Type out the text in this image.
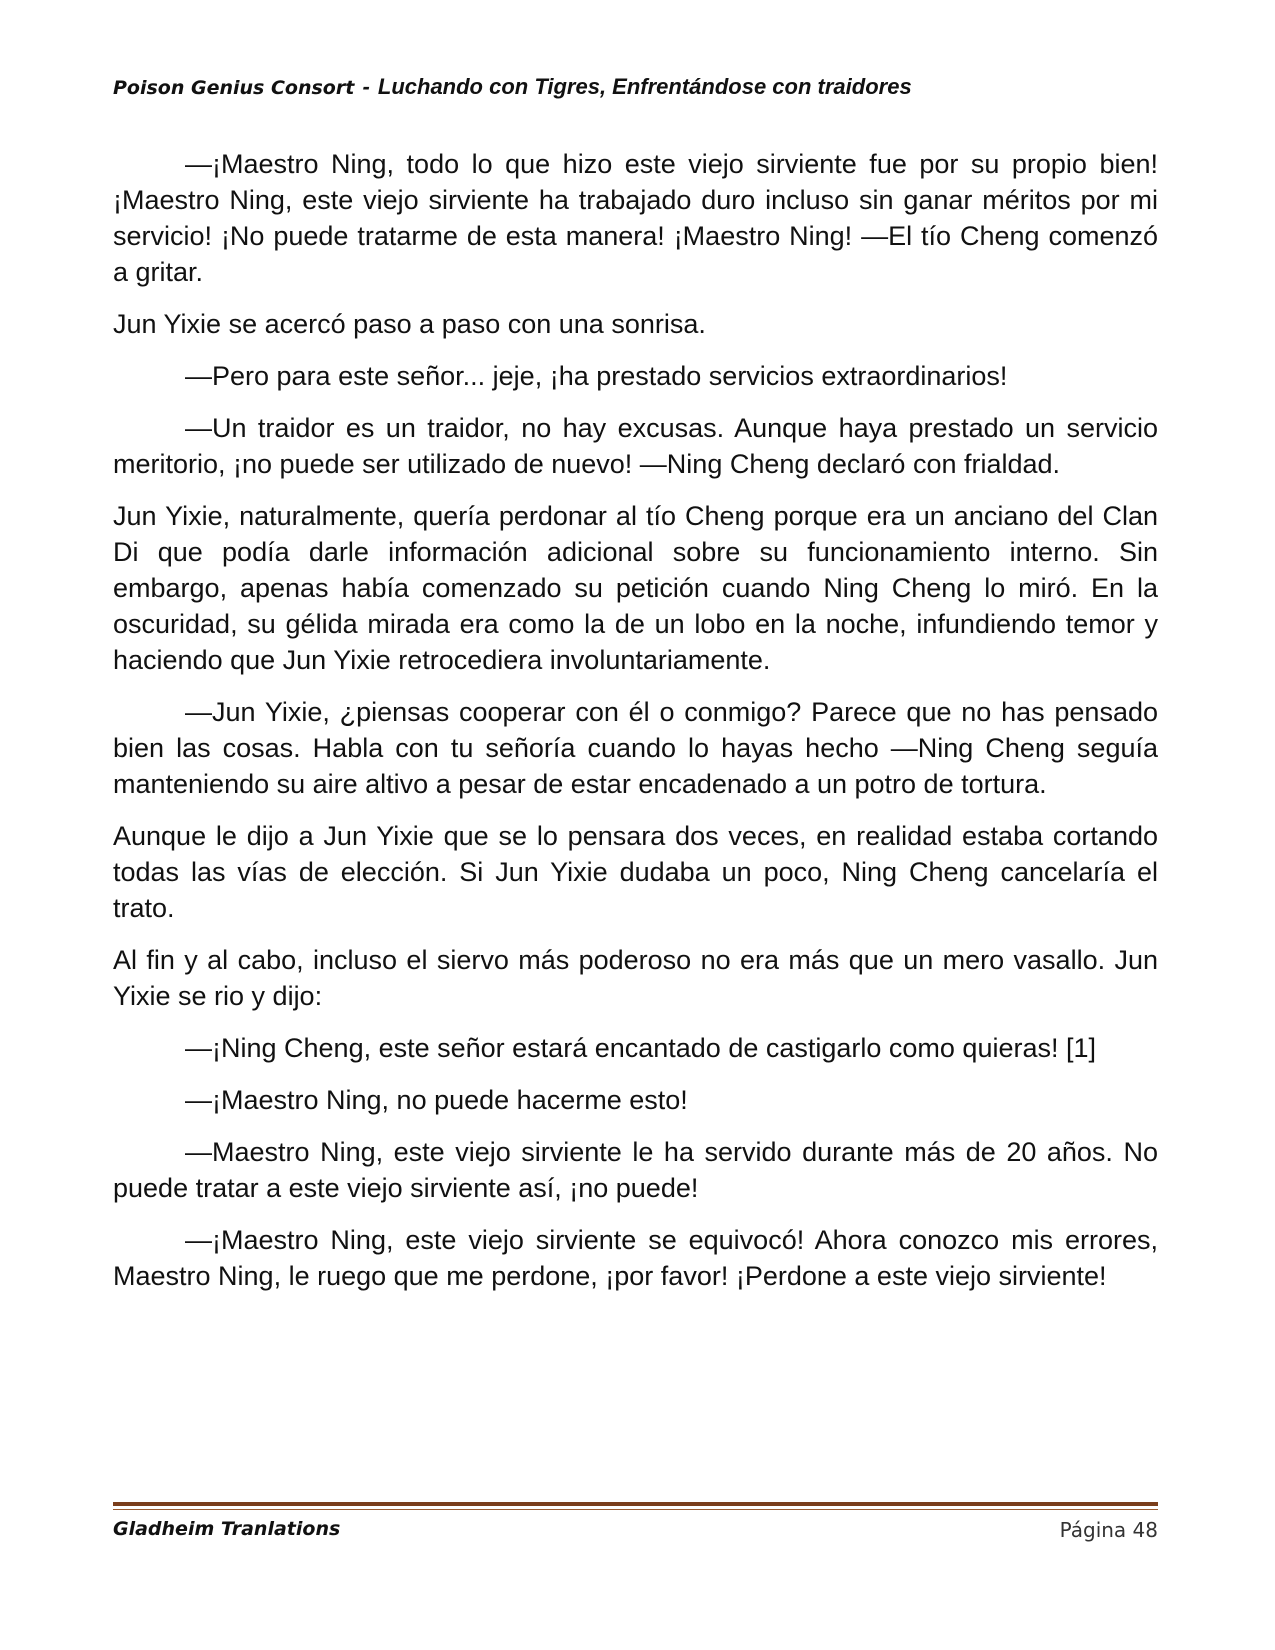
Poison Genius Consort - Luchando con Tigres, Enfrentándose con traidores

—¡Maestro Ning, todo lo que hizo este viejo sirviente fue por su propio bien! ¡Maestro Ning, este viejo sirviente ha trabajado duro incluso sin ganar méritos por mi servicio! ¡No puede tratarme de esta manera! ¡Maestro Ning! —El tío Cheng comenzó a gritar.

Jun Yixie se acercó paso a paso con una sonrisa.

—Pero para este señor... jeje, ¡ha prestado servicios extraordinarios!

—Un traidor es un traidor, no hay excusas. Aunque haya prestado un servicio meritorio, ¡no puede ser utilizado de nuevo! —Ning Cheng declaró con frialdad.

Jun Yixie, naturalmente, quería perdonar al tío Cheng porque era un anciano del Clan Di que podía darle información adicional sobre su funcionamiento interno. Sin embargo, apenas había comenzado su petición cuando Ning Cheng lo miró. En la oscuridad, su gélida mirada era como la de un lobo en la noche, infundiendo temor y haciendo que Jun Yixie retrocediera involuntariamente.

—Jun Yixie, ¿piensas cooperar con él o conmigo? Parece que no has pensado bien las cosas. Habla con tu señoría cuando lo hayas hecho —Ning Cheng seguía manteniendo su aire altivo a pesar de estar encadenado a un potro de tortura.

Aunque le dijo a Jun Yixie que se lo pensara dos veces, en realidad estaba cortando todas las vías de elección. Si Jun Yixie dudaba un poco, Ning Cheng cancelaría el trato.

Al fin y al cabo, incluso el siervo más poderoso no era más que un mero vasallo. Jun Yixie se rio y dijo:

—¡Ning Cheng, este señor estará encantado de castigarlo como quieras! [1]

—¡Maestro Ning, no puede hacerme esto!

—Maestro Ning, este viejo sirviente le ha servido durante más de 20 años. No puede tratar a este viejo sirviente así, ¡no puede!

—¡Maestro Ning, este viejo sirviente se equivocó! Ahora conozco mis errores, Maestro Ning, le ruego que me perdone, ¡por favor! ¡Perdone a este viejo sirviente!

Gladheim Tranlations	Página 48
